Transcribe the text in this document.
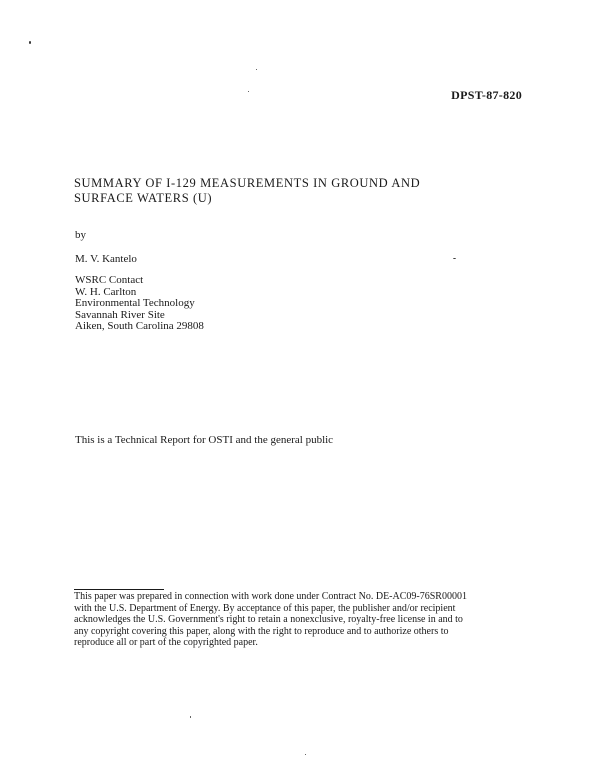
DPST-87-820
SUMMARY OF I-129 MEASUREMENTS IN GROUND AND
SURFACE WATERS (U)
by
M. V. Kantelo
WSRC Contact
W. H. Carlton
Environmental Technology
Savannah River Site
Aiken, South Carolina 29808
This is a Technical Report for OSTI and the general public
This paper was prepared in connection with work done under Contract No. DE-AC09-76SR00001
with the U.S. Department of Energy. By acceptance of this paper, the publisher and/or recipient
acknowledges the U.S. Government's right to retain a nonexclusive, royalty-free license in and to
any copyright covering this paper, along with the right to reproduce and to authorize others to
reproduce all or part of the copyrighted paper.
